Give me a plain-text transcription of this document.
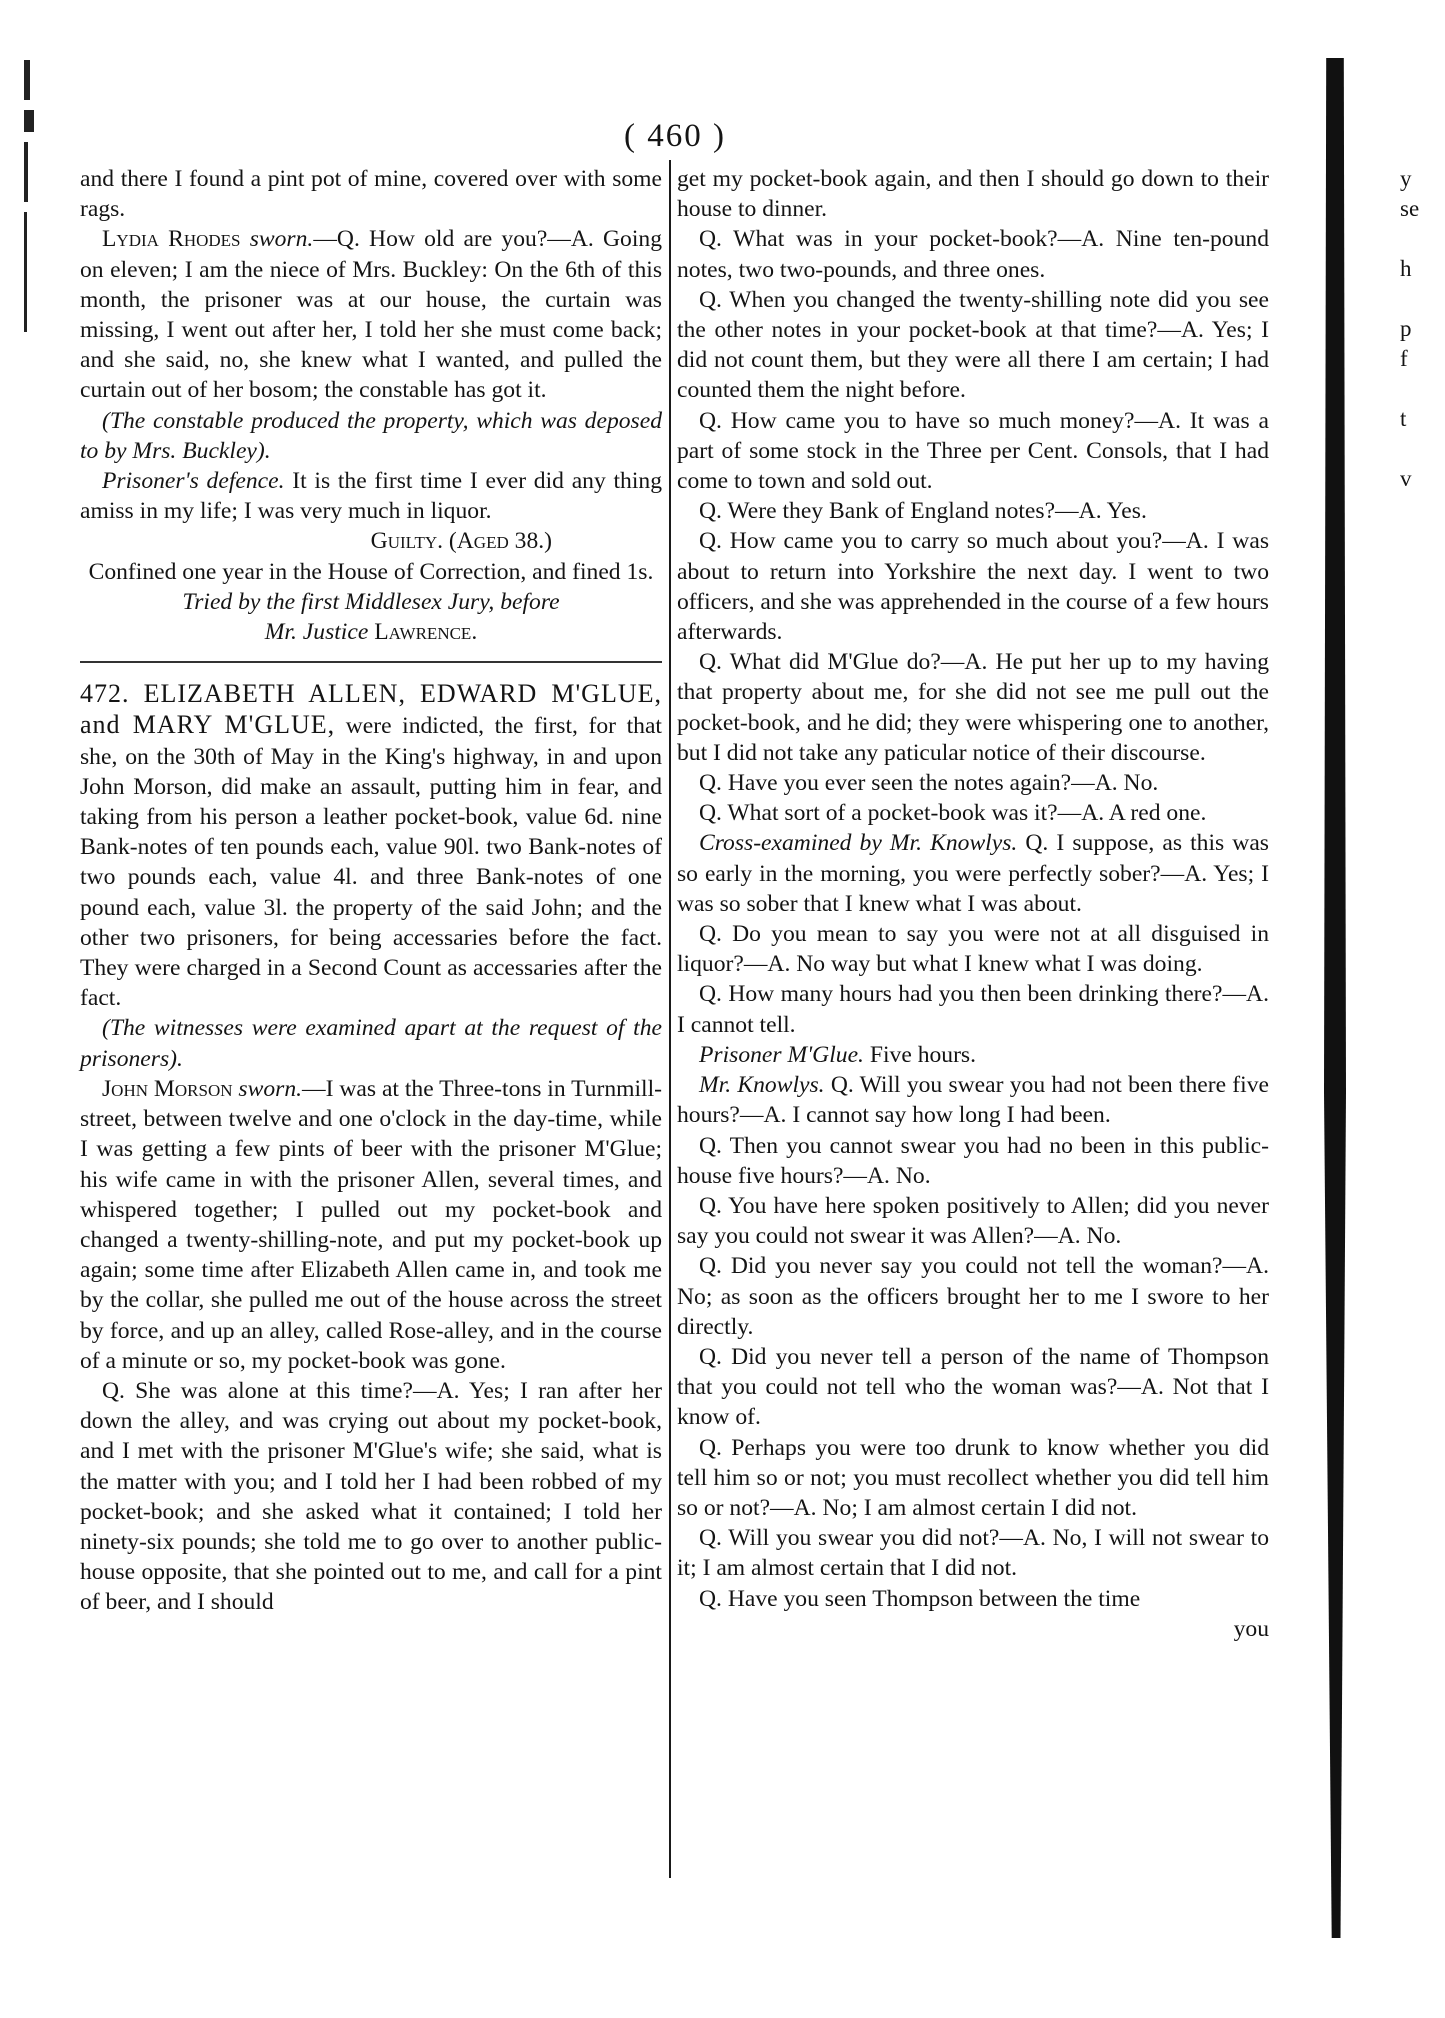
( 460 )

and there I found a pint pot of mine, covered over with some rags.

Lydia Rhodes sworn.—Q. How old are you?—A. Going on eleven; I am the niece of Mrs. Buckley: On the 6th of this month, the prisoner was at our house, the curtain was missing, I went out after her, I told her she must come back; and she said, no, she knew what I wanted, and pulled the curtain out of her bosom; the constable has got it.

(The constable produced the property, which was deposed to by Mrs. Buckley).

Prisoner's defence. It is the first time I ever did any thing amiss in my life; I was very much in liquor.

Guilty. (Aged 38.)

Confined one year in the House of Correction, and fined 1s.

Tried by the first Middlesex Jury, before

Mr. Justice Lawrence.

472. ELIZABETH ALLEN, EDWARD M'GLUE, and MARY M'GLUE, were indicted, the first, for that she, on the 30th of May in the King's highway, in and upon John Morson, did make an assault, putting him in fear, and taking from his person a leather pocket-book, value 6d. nine Bank-notes of ten pounds each, value 90l. two Bank-notes of two pounds each, value 4l. and three Bank-notes of one pound each, value 3l. the property of the said John; and the other two prisoners, for being accessaries before the fact. They were charged in a Second Count as accessaries after the fact.

(The witnesses were examined apart at the request of the prisoners).

John Morson sworn.—I was at the Three-tons in Turnmill-street, between twelve and one o'clock in the day-time, while I was getting a few pints of beer with the prisoner M'Glue; his wife came in with the prisoner Allen, several times, and whispered together; I pulled out my pocket-book and changed a twenty-shilling-note, and put my pocket-book up again; some time after Elizabeth Allen came in, and took me by the collar, she pulled me out of the house across the street by force, and up an alley, called Rose-alley, and in the course of a minute or so, my pocket-book was gone.

Q. She was alone at this time?—A. Yes; I ran after her down the alley, and was crying out about my pocket-book, and I met with the prisoner M'Glue's wife; she said, what is the matter with you; and I told her I had been robbed of my pocket-book; and she asked what it contained; I told her ninety-six pounds; she told me to go over to another public-house opposite, that she pointed out to me, and call for a pint of beer, and I should

get my pocket-book again, and then I should go down to their house to dinner.

Q. What was in your pocket-book?—A. Nine ten-pound notes, two two-pounds, and three ones.

Q. When you changed the twenty-shilling note did you see the other notes in your pocket-book at that time?—A. Yes; I did not count them, but they were all there I am certain; I had counted them the night before.

Q. How came you to have so much money?—A. It was a part of some stock in the Three per Cent. Consols, that I had come to town and sold out.

Q. Were they Bank of England notes?—A. Yes.

Q. How came you to carry so much about you?—A. I was about to return into Yorkshire the next day. I went to two officers, and she was apprehended in the course of a few hours afterwards.

Q. What did M'Glue do?—A. He put her up to my having that property about me, for she did not see me pull out the pocket-book, and he did; they were whispering one to another, but I did not take any paticular notice of their discourse.

Q. Have you ever seen the notes again?—A. No.

Q. What sort of a pocket-book was it?—A. A red one.

Cross-examined by Mr. Knowlys. Q. I suppose, as this was so early in the morning, you were perfectly sober?—A. Yes; I was so sober that I knew what I was about.

Q. Do you mean to say you were not at all disguised in liquor?—A. No way but what I knew what I was doing.

Q. How many hours had you then been drinking there?—A. I cannot tell.

Prisoner M'Glue. Five hours.

Mr. Knowlys. Q. Will you swear you had not been there five hours?—A. I cannot say how long I had been.

Q. Then you cannot swear you had no been in this public-house five hours?—A. No.

Q. You have here spoken positively to Allen; did you never say you could not swear it was Allen?—A. No.

Q. Did you never say you could not tell the woman?—A. No; as soon as the officers brought her to me I swore to her directly.

Q. Did you never tell a person of the name of Thompson that you could not tell who the woman was?—A. Not that I know of.

Q. Perhaps you were too drunk to know whether you did tell him so or not; you must recollect whether you did tell him so or not?—A. No; I am almost certain I did not.

Q. Will you swear you did not?—A. No, I will not swear to it; I am almost certain that I did not.

Q. Have you seen Thompson between the time

you

y
se
h
p
f
t
v
